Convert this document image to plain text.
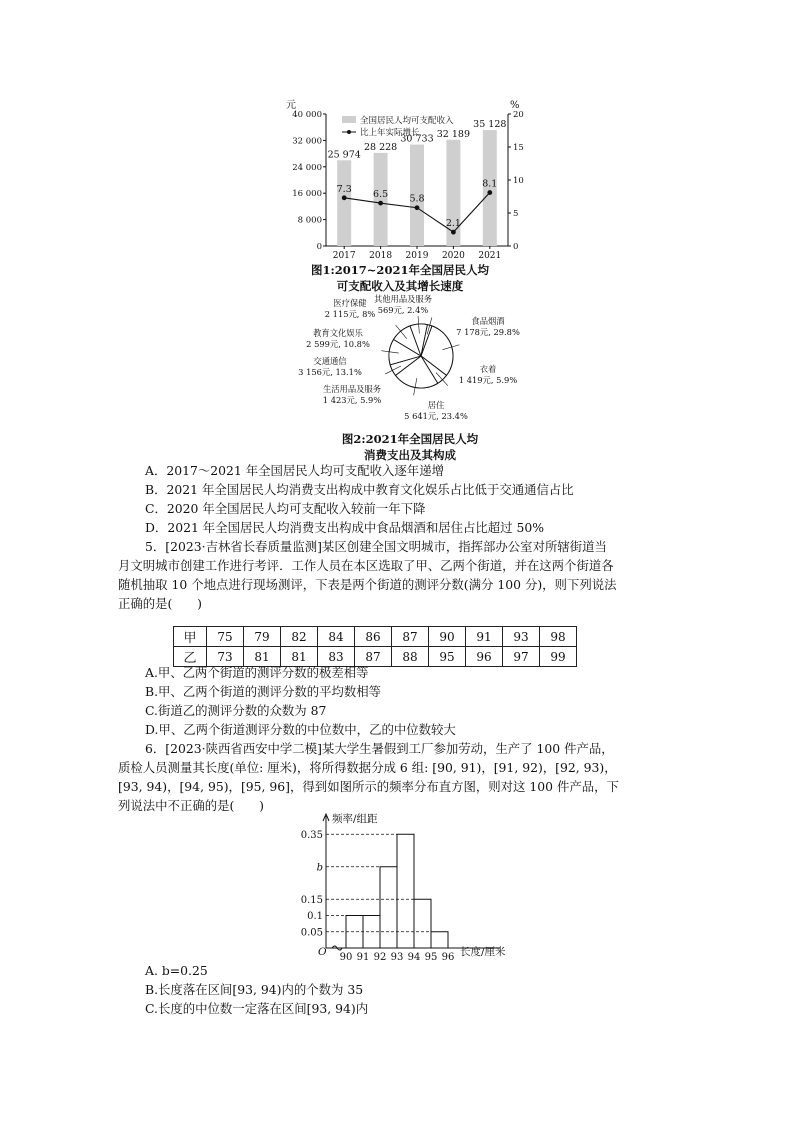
元	%
40 000
32 000
24 000
16 000
8 000
0
20
15
10
5
0
25 974
2017
28 228
2018
30 733
2019
32 189
2020
35 128
2021
7.3 6.5 5.8
2.1
8.1
全国居民人均可支配收入
比上年实际增长
图1:2017~2021年全国居民人均
可支配收入及其增长速度
其他用品及服务
569元, 2.4%
医疗保健
2 115元, 8%
食品烟酒
7 178元, 29.8%
教育文化娱乐
2 599元, 10.8%
衣着
1 419元, 5.9%
交通通信
3 156元, 13.1%
生活用品及服务
1 423元, 5.9%	居住
5 641元, 23.4%
图2:2021年全国居民人均
消费支出及其构成
A．2017～2021 年全国居民人均可支配收入逐年递增
B．2021 年全国居民人均消费支出构成中教育文化娱乐占比低于交通通信占比
C．2020 年全国居民人均可支配收入较前一年下降
D．2021 年全国居民人均消费支出构成中食品烟酒和居住占比超过 50%
5．[2023·吉林省长春质量监测]某区创建全国文明城市，指挥部办公室对所辖街道当
月文明城市创建工作进行考评．工作人员在本区选取了甲、乙两个街道，并在这两个街道各
随机抽取 10 个地点进行现场测评，下表是两个街道的测评分数(满分 100 分)，则下列说法
正确的是(　　)
甲	75	79	82	84	86	87	90	91	93	98
乙	73	81	81	83	87	88	95	96	97	99
A.甲、乙两个街道的测评分数的极差相等
B.甲、乙两个街道的测评分数的平均数相等
C.街道乙的测评分数的众数为 87
D.甲、乙两个街道测评分数的中位数中，乙的中位数较大
6．[2023·陕西省西安中学二模]某大学生暑假到工厂参加劳动，生产了 100 件产品，
质检人员测量其长度(单位: 厘米)，将所得数据分成 6 组: [90, 91)，[91, 92)，[92, 93)，
[93, 94)，[94, 95)，[95, 96]，得到如图所示的频率分布直方图，则对这 100 件产品，下
列说法中不正确的是(　　)
频率/组距
长度/厘米
O
0.35
b
0.15
0.1
0.05
90 91 92 93 94 95 96
A. b=0.25
B.长度落在区间[93, 94)内的个数为 35
C.长度的中位数一定落在区间[93, 94)内
